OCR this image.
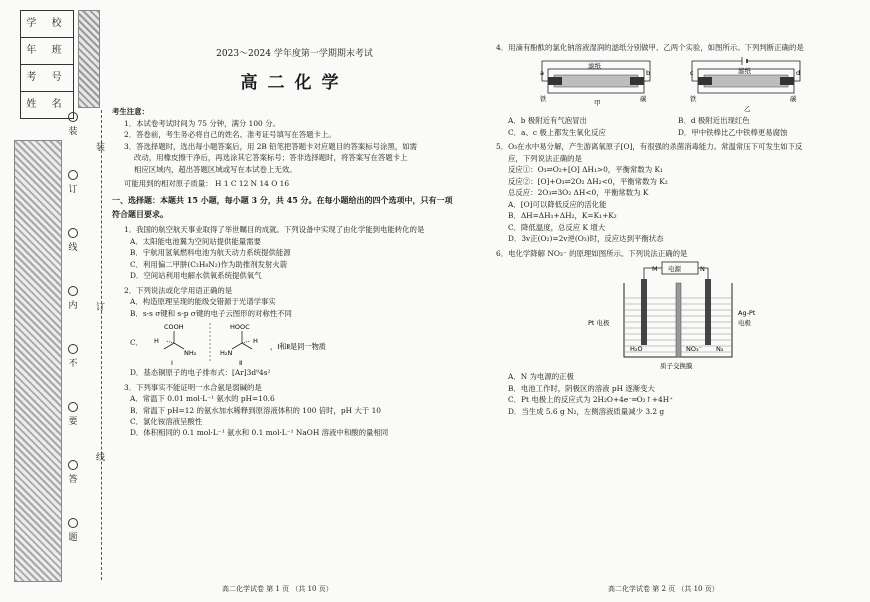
学 校
年 班
考 号
姓 名
装
订
线
内
不
要
答
题
装
订
线
2023～2024 学年度第一学期期末考试
高二化学
考生注意：
1．本试卷考试时间为 75 分钟，满分 100 分。
2．答卷前，考生务必将自己的姓名、准考证号填写在答题卡上。
3．答选择题时，选出每小题答案后，用 2B 铅笔把答题卡对应题目的答案标号涂黑，如需
改动，用橡皮擦干净后，再选涂其它答案标号；答非选择题时，将答案写在答题卡上
相应区域内，超出答题区域或写在本试卷上无效。
可能用到的相对原子质量： H 1 C 12 N 14 O 16
一、选择题：本题共 15 小题，每小题 3 分，共 45 分。在每小题给出的四个选项中，只有一项
符合题目要求。
1．我国的航空航天事业取得了举世瞩目的成就。下列设备中实现了由化学能到电能转化的是
A．太阳能电池翼为空间站提供能量需要
B．宇航用氢氧燃料电池为航天动力系统提供能源
C．利用偏二甲肼(C₂H₈N₂)作为助推剂发射火箭
D．空间站利用电解水供氧系统提供氧气
2．下列说法或化学用语正确的是
A．构造原理呈现的能级交错源于光谱学事实
B．s-s σ键和 s-p σ键的电子云图形的对称性不同
C．
COOH
H
NH₂
Ⅰ
HOOC
H₂N
H
Ⅱ
，Ⅰ和Ⅱ是同一物质
D．基态铜原子的电子排布式：[Ar]3d⁹4s²
3．下列事实不能证明一水合氨是弱碱的是
A．常温下 0.01 mol·L⁻¹ 氨水的 pH=10.6
B．常温下 pH=12 的氨水加水稀释到原溶液体积的 100 倍时，pH 大于 10
C．氯化铵溶液呈酸性
D．体积相同的 0.1 mol·L⁻¹ 氨水和 0.1 mol·L⁻¹ NaOH 溶液中和酸的量相同
高二化学试卷 第 1 页 （共 10 页）
4．用滴有酚酞的氯化钠溶液湿润的滤纸分别做甲、乙两个实验，如图所示。下列判断正确的是
滤纸
a	b
铁	碳
甲
滤纸
c	d
铁	碳
乙
A．b 极附近有气泡冒出	B．d 极附近出现红色
C．a、c 极上都发生氧化反应	D．甲中铁棒比乙中铁棒更易腐蚀
5．O₃在水中易分解，产生游离氧原子[O]，有很强的杀菌消毒能力。常温常压下可发生如下反
应，下列说法正确的是
反应①：O₃⇌O₂+[O] ΔH₁>0，平衡常数为 K₁
反应②：[O]+O₃⇌2O₂ ΔH₂<0，平衡常数为 K₂
总反应：2O₃⇌3O₂ ΔH<0，平衡常数为 K
A．[O]可以降低反应的活化能
B．ΔH=ΔH₁+ΔH₂，K=K₁+K₂
C．降低温度，总反应 K 增大
D．3v正(O₂)=2v逆(O₃)时，反应达到平衡状态
6．电化学降解 NO₃⁻ 的原理如图所示。下列说法正确的是
电源
M	N
Pt 电极
Ag-Pt
电极
H₂O	NO₃⁻ N₂
质子交换膜
A．N 为电源的正极
B．电池工作时，阴极区的溶液 pH 逐渐变大
C．Pt 电极上的反应式为 2H₂O+4e⁻═O₂↑+4H⁺
D．当生成 5.6 g N₂，左侧溶液质量减少 3.2 g
高二化学试卷 第 2 页 （共 10 页）
